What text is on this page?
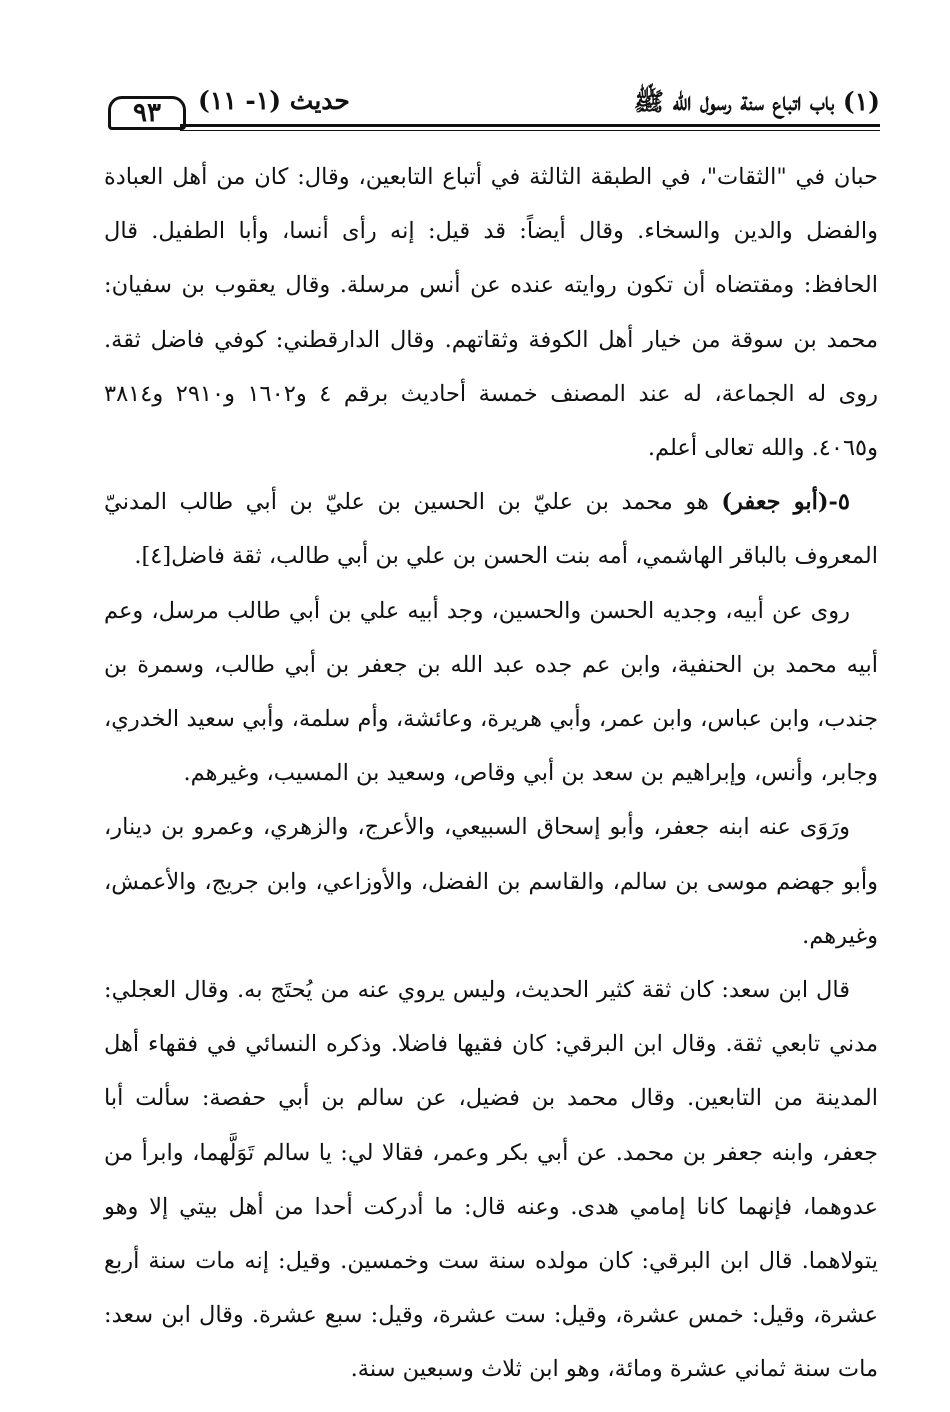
٩٣	حديث (١- ١١)	(١) باب اتباع سنة رسول الله ﷺ

حبان في "الثقات"، في الطبقة الثالثة في أتباع التابعين، وقال: كان من أهل العبادة والفضل والدين والسخاء. وقال أيضاً: قد قيل: إنه رأى أنسا، وأبا الطفيل. قال الحافظ: ومقتضاه أن تكون روايته عنده عن أنس مرسلة. وقال يعقوب بن سفيان: محمد بن سوقة من خيار أهل الكوفة وثقاتهم. وقال الدارقطني: كوفي فاضل ثقة. روى له الجماعة، له عند المصنف خمسة أحاديث برقم ٤ و١٦٠٢ و٢٩١٠ و٣٨١٤ و٤٠٦٥. والله تعالى أعلم.

٥-(أبو جعفر) هو محمد بن عليّ بن الحسين بن عليّ بن أبي طالب المدنيّ المعروف بالباقر الهاشمي، أمه بنت الحسن بن علي بن أبي طالب، ثقة فاضل[٤].

روى عن أبيه، وجديه الحسن والحسين، وجد أبيه علي بن أبي طالب مرسل، وعم أبيه محمد بن الحنفية، وابن عم جده عبد الله بن جعفر بن أبي طالب، وسمرة بن جندب، وابن عباس، وابن عمر، وأبي هريرة، وعائشة، وأم سلمة، وأبي سعيد الخدري، وجابر، وأنس، وإبراهيم بن سعد بن أبي وقاص، وسعيد بن المسيب، وغيرهم.

ورَوَى عنه ابنه جعفر، وأبو إسحاق السبيعي، والأعرج، والزهري، وعمرو بن دينار، وأبو جهضم موسى بن سالم، والقاسم بن الفضل، والأوزاعي، وابن جريج، والأعمش، وغيرهم.

قال ابن سعد: كان ثقة كثير الحديث، وليس يروي عنه من يُحتَج به. وقال العجلي: مدني تابعي ثقة. وقال ابن البرقي: كان فقيها فاضلا. وذكره النسائي في فقهاء أهل المدينة من التابعين. وقال محمد بن فضيل، عن سالم بن أبي حفصة: سألت أبا جعفر، وابنه جعفر بن محمد. عن أبي بكر وعمر، فقالا لي: يا سالم تَوَلَّهما، وابرأ من عدوهما، فإنهما كانا إمامي هدى. وعنه قال: ما أدركت أحدا من أهل بيتي إلا وهو يتولاهما. قال ابن البرقي: كان مولده سنة ست وخمسين. وقيل: إنه مات سنة أربع عشرة، وقيل: خمس عشرة، وقيل: ست عشرة، وقيل: سبع عشرة. وقال ابن سعد: مات سنة ثماني عشرة ومائة، وهو ابن ثلاث وسبعين سنة.
